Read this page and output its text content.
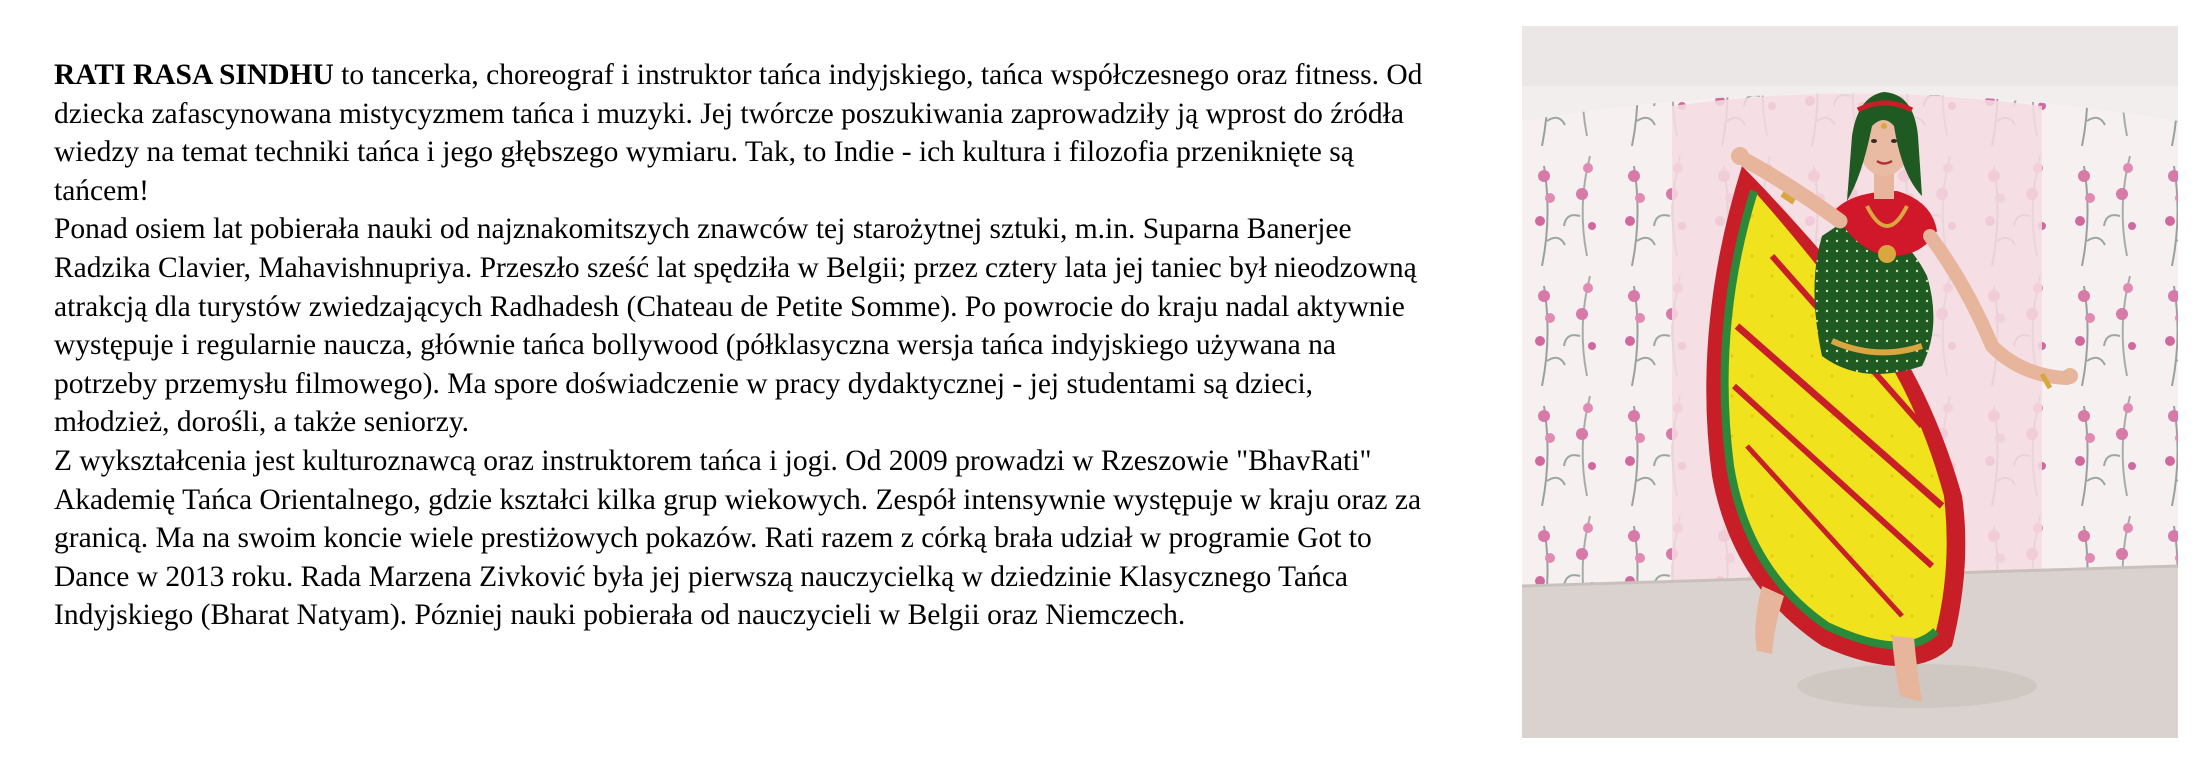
RATI RASA SINDHU to tancerka, choreograf i instruktor tańca indyjskiego, tańca współczesnego oraz fitness. Od dziecka zafascynowana mistycyzmem tańca i muzyki. Jej twórcze poszukiwania zaprowadziły ją wprost do źródła wiedzy na temat techniki tańca i jego głębszego wymiaru. Tak, to Indie - ich kultura i filozofia przeniknięte są tańcem!

Ponad osiem lat pobierała nauki od najznakomitszych znawców tej starożytnej sztuki, m.in. Suparna Banerjee Radzika Clavier, Mahavishnupriya. Przeszło sześć lat spędziła w Belgii; przez cztery lata jej taniec był nieodzowną atrakcją dla turystów zwiedzających Radhadesh (Chateau de Petite Somme). Po powrocie do kraju nadal aktywnie występuje i regularnie naucza, głównie tańca bollywood (półklasyczna wersja tańca indyjskiego używana na potrzeby przemysłu filmowego). Ma spore doświadczenie w pracy dydaktycznej - jej studentami są dzieci, młodzież, dorośli, a także seniorzy.

Z wykształcenia jest kulturoznawcą oraz instruktorem tańca i jogi. Od 2009 prowadzi w Rzeszowie "BhavRati" Akademię Tańca Orientalnego, gdzie kształci kilka grup wiekowych. Zespół intensywnie występuje w kraju oraz za granicą. Ma na swoim koncie wiele prestiżowych pokazów. Rati razem z córką brała udział w programie Got to Dance w 2013 roku. Rada Marzena Zivković była jej pierwszą nauczycielką w dziedzinie Klasycznego Tańca Indyjskiego (Bharat Natyam). Pózniej nauki pobierała od nauczycieli w Belgii oraz Niemczech.
